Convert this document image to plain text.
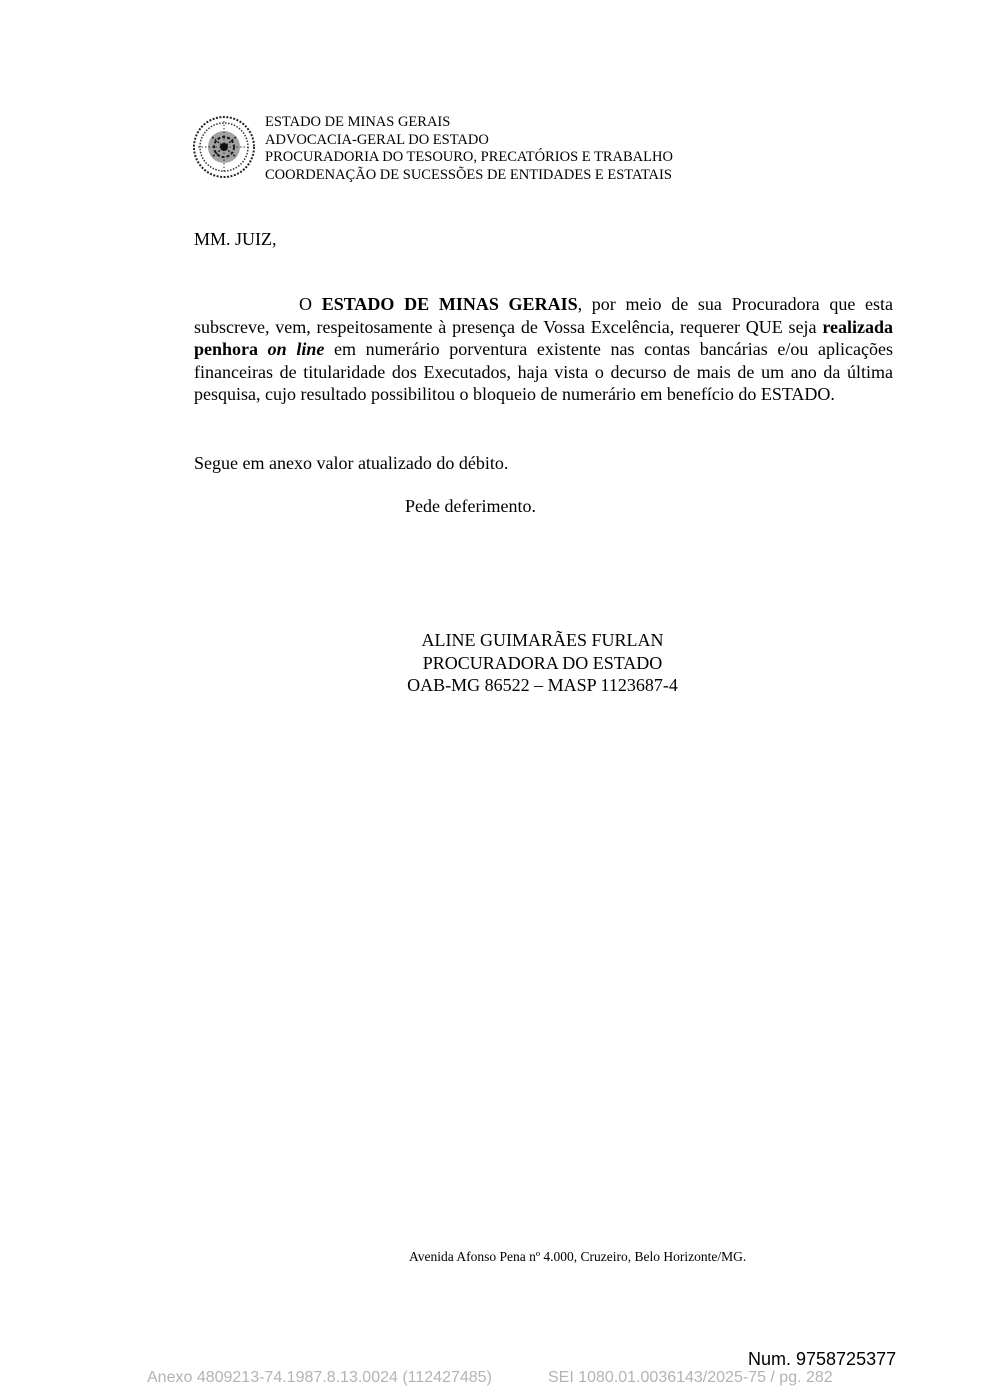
ESTADO DE MINAS GERAIS
ADVOCACIA-GERAL DO ESTADO
PROCURADORIA DO TESOURO, PRECATÓRIOS E TRABALHO
COORDENAÇÃO DE SUCESSÕES DE ENTIDADES E ESTATAIS
MM. JUIZ,
O ESTADO DE MINAS GERAIS, por meio de sua Procuradora que esta subscreve, vem, respeitosamente à presença de Vossa Excelência, requerer QUE seja realizada penhora on line em numerário porventura existente nas contas bancárias e/ou aplicações financeiras de titularidade dos Executados, haja vista o decurso de mais de um ano da última pesquisa, cujo resultado possibilitou o bloqueio de numerário em benefício do ESTADO.
Segue em anexo valor atualizado do débito.
Pede deferimento.
ALINE GUIMARÃES FURLAN
PROCURADORA DO ESTADO
OAB-MG 86522 – MASP 1123687-4
Avenida Afonso Pena nº 4.000, Cruzeiro, Belo Horizonte/MG.
Num. 9758725377
Anexo 4809213-74.1987.8.13.0024 (112427485)	SEI 1080.01.0036143/2025-75 / pg. 282
